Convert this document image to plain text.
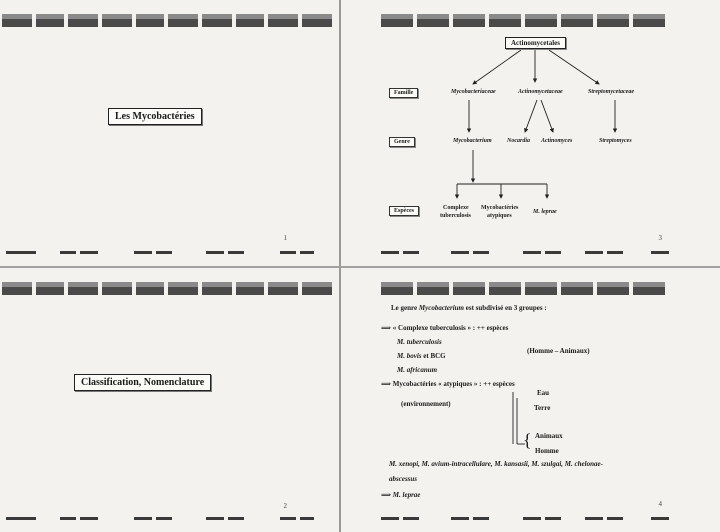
Les Mycobactéries
1
Actinomycetales
Famille
Genre
Espèces
Mycobacteriaceae	Actinomycetaceae	Streptomycetaceae
Mycobacterium	Nocardia Actinomyces	Streptomyces
Complexe
tuberculosis
Mycobactéries
atypiques
M. leprae
3
Classification, Nomenclature
2
Le genre Mycobacterium est subdivisé en 3 groupes :
⟹ « Complexe tuberculosis » : ++ espèces
M. tuberculosis
M. bovis et BCG
M. africanum
(Homme – Animaux)
⟹ Mycobactéries « atypiques » : ++ espèces
(environnement)
Eau
Terre
{ Animaux
Homme
M. xenopi, M. avium-intracellulare, M. kansasii, M. szulgai, M. chelonae-
abscessus
⟹ M. leprae
4
